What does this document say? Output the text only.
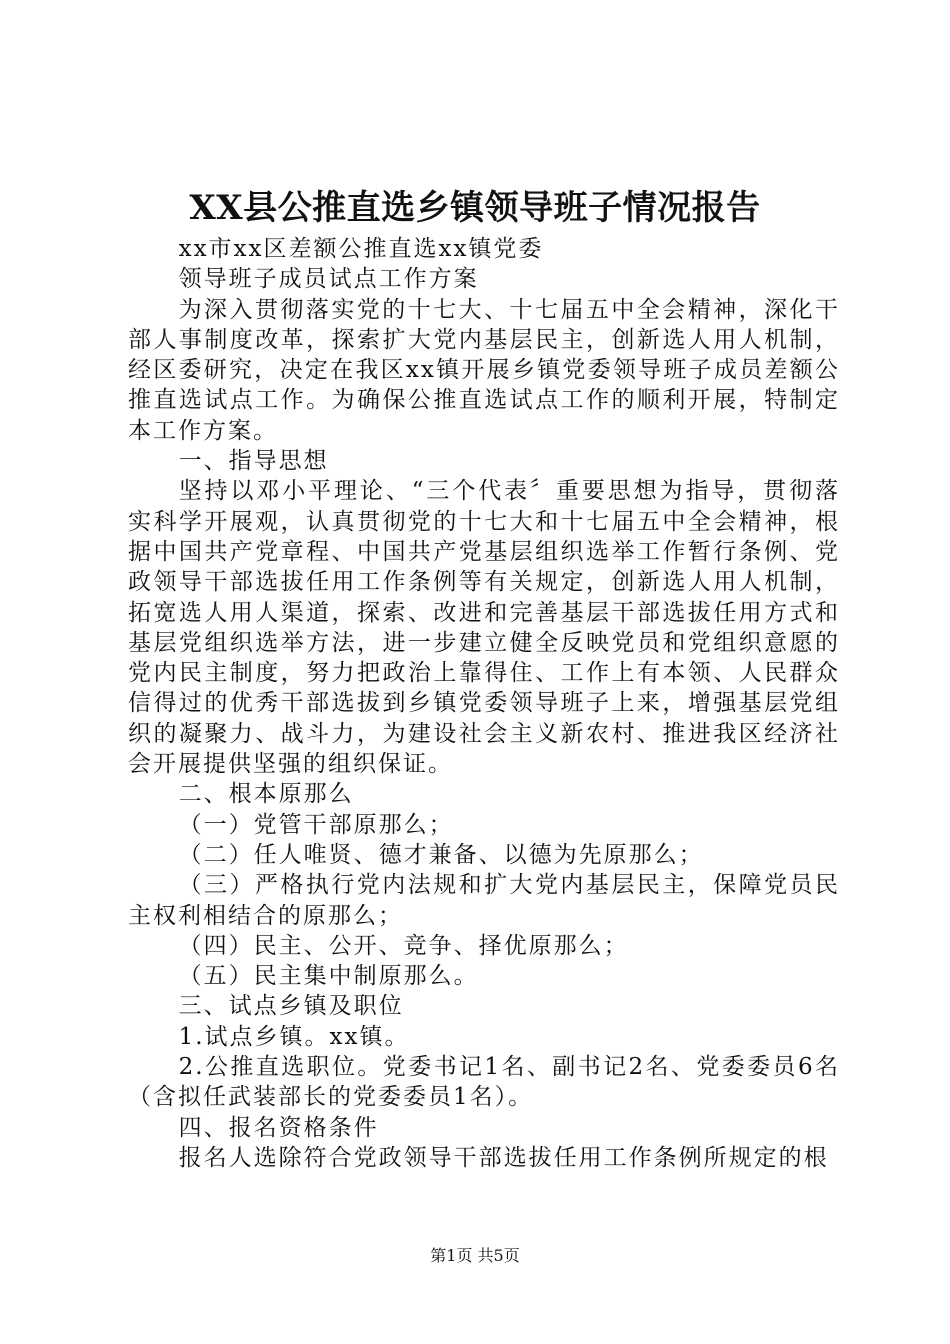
XX县公推直选乡镇领导班子情况报告

xx市xx区差额公推直选xx镇党委

领导班子成员试点工作方案

为深入贯彻落实党的十七大、十七届五中全会精神，深化干部人事制度改革，探索扩大党内基层民主，创新选人用人机制，经区委研究，决定在我区xx镇开展乡镇党委领导班子成员差额公推直选试点工作。为确保公推直选试点工作的顺利开展，特制定本工作方案。

一、指导思想

坚持以邓小平理论、“三个代表〞重要思想为指导，贯彻落实科学开展观，认真贯彻党的十七大和十七届五中全会精神，根据中国共产党章程、中国共产党基层组织选举工作暂行条例、党政领导干部选拔任用工作条例等有关规定，创新选人用人机制，拓宽选人用人渠道，探索、改进和完善基层干部选拔任用方式和基层党组织选举方法，进一步建立健全反映党员和党组织意愿的党内民主制度，努力把政治上靠得住、工作上有本领、人民群众信得过的优秀干部选拔到乡镇党委领导班子上来，增强基层党组织的凝聚力、战斗力，为建设社会主义新农村、推进我区经济社会开展提供坚强的组织保证。

二、根本原那么

（一）党管干部原那么；

（二）任人唯贤、德才兼备、以德为先原那么；

（三）严格执行党内法规和扩大党内基层民主，保障党员民主权利相结合的原那么；

（四）民主、公开、竞争、择优原那么；

（五）民主集中制原那么。

三、试点乡镇及职位

1.试点乡镇。xx镇。

2.公推直选职位。党委书记1名、副书记2名、党委委员6名（含拟任武装部长的党委委员1名）。

四、报名资格条件

报名人选除符合党政领导干部选拔任用工作条例所规定的根

第1页 共5页
